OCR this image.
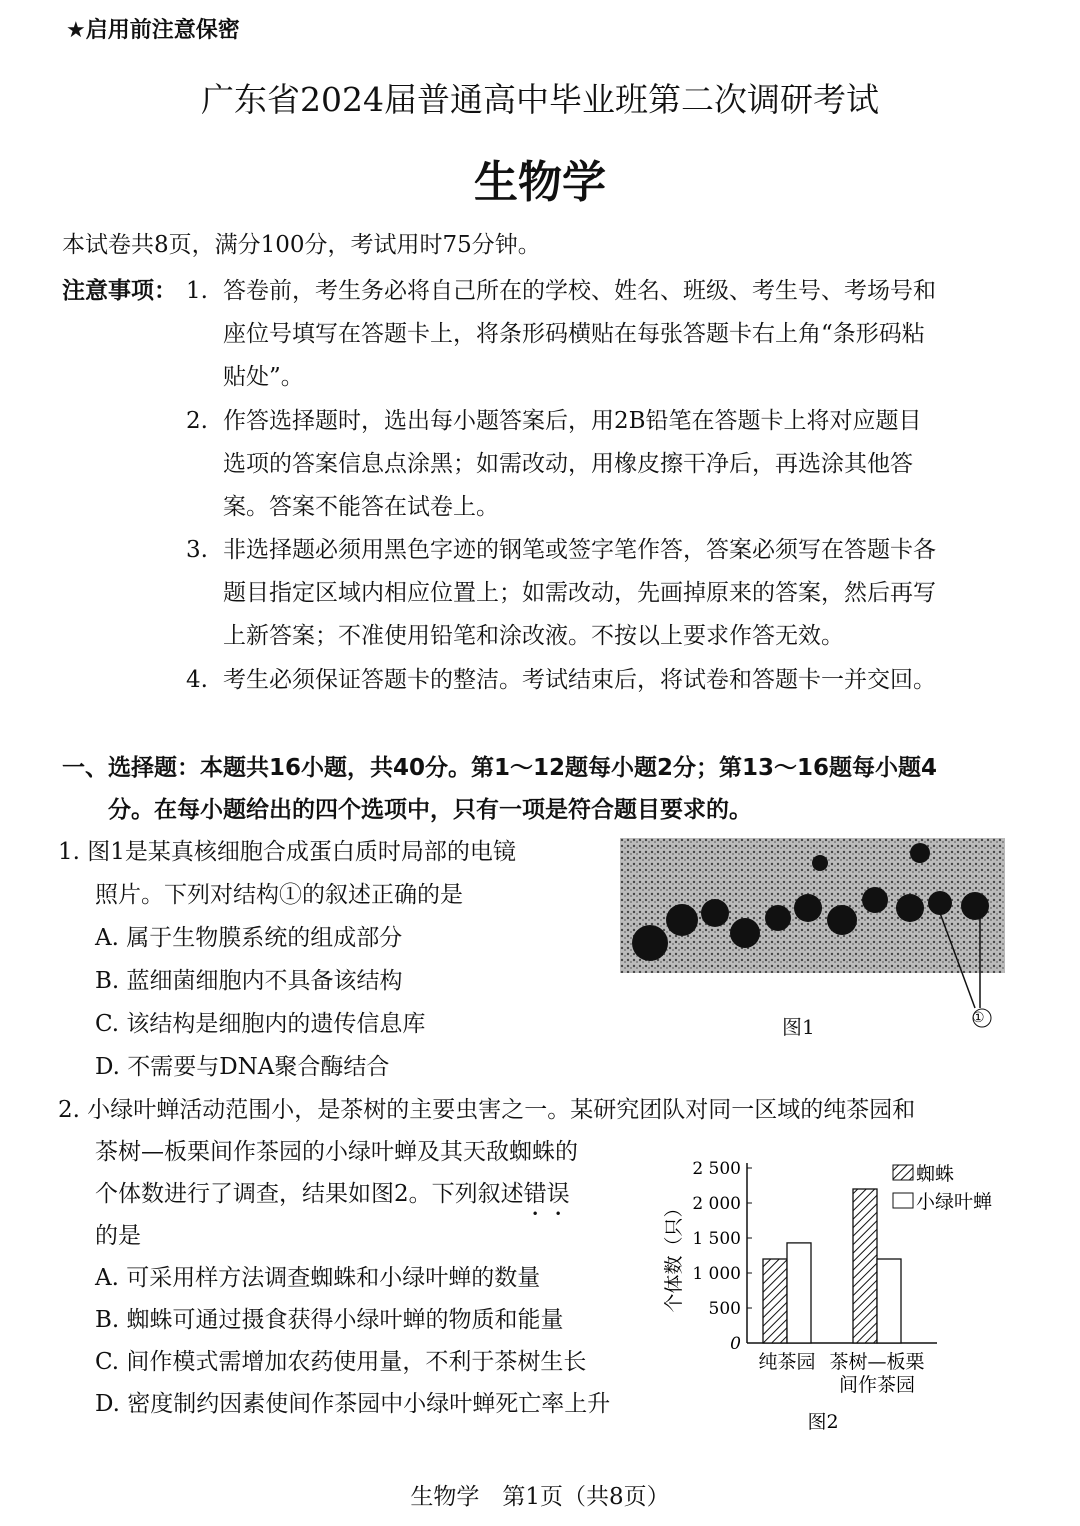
★启用前注意保密
广东省2024届普通高中毕业班第二次调研考试
生物学
本试卷共8页，满分100分，考试用时75分钟。
注意事项： 1. 答卷前，考生务必将自己所在的学校、姓名、班级、考生号、考场号和
座位号填写在答题卡上，将条形码横贴在每张答题卡右上角“条形码粘
贴处”。
2. 作答选择题时，选出每小题答案后，用2B铅笔在答题卡上将对应题目
选项的答案信息点涂黑；如需改动，用橡皮擦干净后，再选涂其他答
案。答案不能答在试卷上。
3. 非选择题必须用黑色字迹的钢笔或签字笔作答，答案必须写在答题卡各
题目指定区域内相应位置上；如需改动，先画掉原来的答案，然后再写
上新答案；不准使用铅笔和涂改液。不按以上要求作答无效。
4. 考生必须保证答题卡的整洁。考试结束后，将试卷和答题卡一并交回。
一、选择题：本题共16小题，共40分。第1～12题每小题2分；第13～16题每小题4
分。在每小题给出的四个选项中，只有一项是符合题目要求的。
1. 图1是某真核细胞合成蛋白质时局部的电镜
照片。下列对结构①的叙述正确的是
A. 属于生物膜系统的组成部分
B. 蓝细菌细胞内不具备该结构
C. 该结构是细胞内的遗传信息库
D. 不需要与DNA聚合酶结合
①
图1
2. 小绿叶蝉活动范围小，是茶树的主要虫害之一。某研究团队对同一区域的纯茶园和
茶树—板栗间作茶园的小绿叶蝉及其天敌蜘蛛的
个体数进行了调查，结果如图2。下列叙述错误
的是
A. 可采用样方法调查蜘蛛和小绿叶蝉的数量
B. 蜘蛛可通过摄食获得小绿叶蝉的物质和能量
C. 间作模式需增加农药使用量，不利于茶树生长
D. 密度制约因素使间作茶园中小绿叶蝉死亡率上升
0
500
1 000
1 500
2 000
2 500
个体数（只）
纯茶园 茶树—板栗
间作茶园
蜘蛛
小绿叶蝉
图2
生物学　第1页（共8页）
